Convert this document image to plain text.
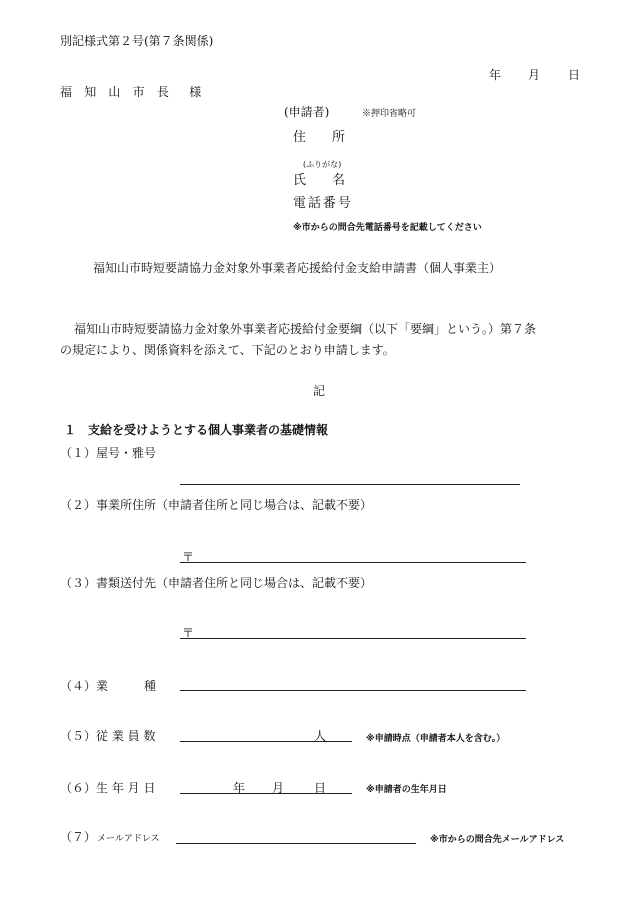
別記様式第２号(第７条関係)
年 月 日
福 知 山 市 長　様
(申請者)	※押印省略可
住　　所
(ふりがな)
氏　　名
電話番号
※市からの問合先電話番号を記載してください
福知山市時短要請協力金対象外事業者応援給付金支給申請書（個人事業主）
福知山市時短要請協力金対象外事業者応援給付金要綱（以下「要綱」という。）第７条
の規定により、関係資料を添えて、下記のとおり申請します。
記
１　支給を受けようとする個人事業者の基礎情報
（１）屋号・雅号
（２）事業所住所（申請者住所と同じ場合は、記載不要）
〒
（３）書類送付先（申請者住所と同じ場合は、記載不要）
〒
（４）業　　　種
（５）従 業 員 数	人	※申請時点（申請者本人を含む。）
（６）生 年 月 日	年 月 日	※申請者の生年月日
（７） メールアドレス	※市からの問合先メールアドレス
